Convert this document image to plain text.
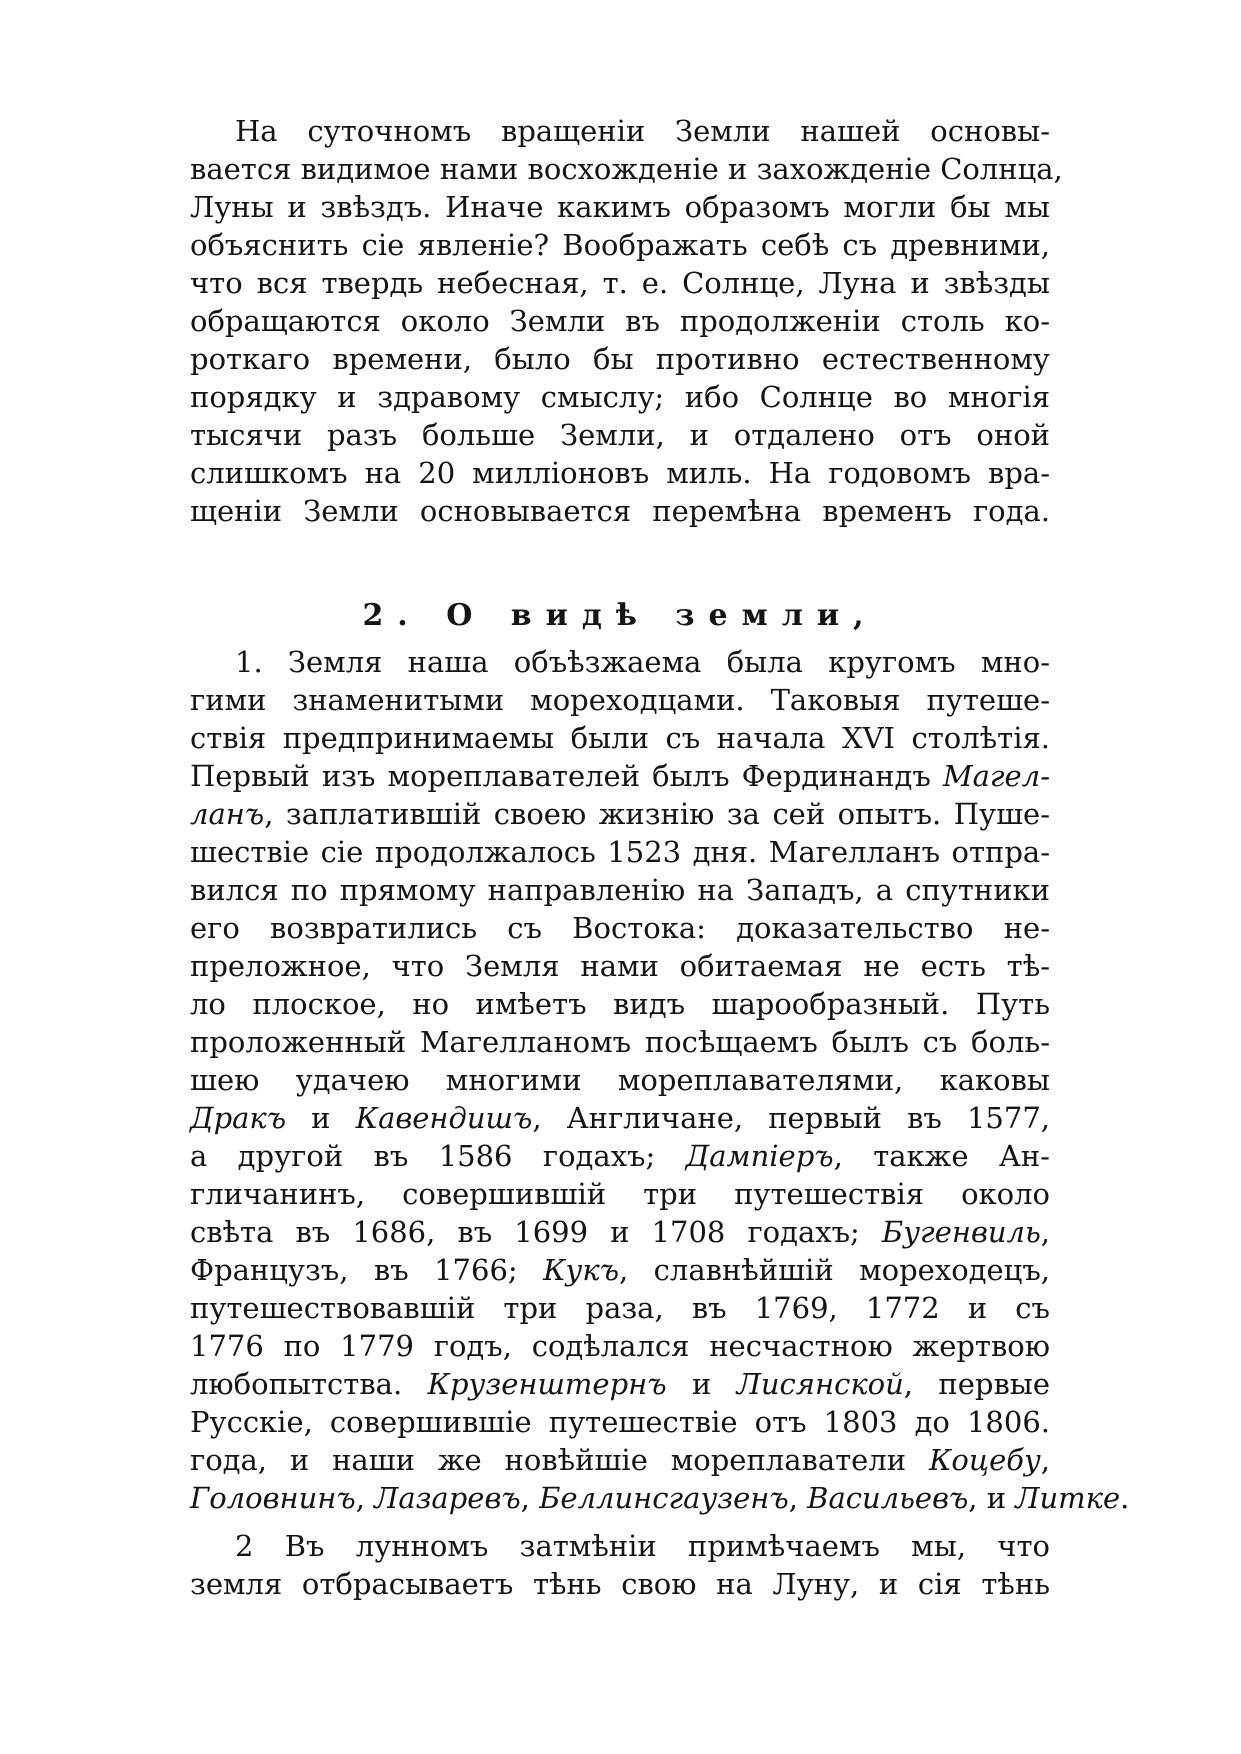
На суточномъ вращеніи Земли нашей основы-
вается видимое нами восхожденіе и захожденіе Солнца,
Луны и звѣздъ. Иначе какимъ образомъ могли бы мы
объяснить сіе явленіе? Воображать себѣ съ древними,
что вся твердь небесная, т. е. Солнце, Луна и звѣзды
обращаются около Земли въ продолженіи столь ко-
роткаго времени, было бы противно естественному
порядку и здравому смыслу; ибо Солнце во многія
тысячи разъ больше Земли, и отдалено отъ оной
слишкомъ на 20 милліоновъ миль. На годовомъ вра-
щеніи Земли основывается перемѣна временъ года.
2. О видѣ земли,
1. Земля наша объѣзжаема была кругомъ мно-
гими знаменитыми мореходцами. Таковыя путеше-
ствія предпринимаемы были съ начала XVI столѣтія.
Первый изъ мореплавателей былъ Фердинандъ Магел-
ланъ, заплатившій своею жизнію за сей опытъ. Пуше-
шествіе сіе продолжалось 1523 дня. Магелланъ отпра-
вился по прямому направленію на Западъ, а спутники
его возвратились съ Востока: доказательство не-
преложное, что Земля нами обитаемая не есть тѣ-
ло плоское, но имѣетъ видъ шарообразный. Путь
проложенный Магелланомъ посѣщаемъ былъ съ боль-
шею удачею многими мореплавателями, каковы
Дракъ и Кавендишъ, Англичане, первый въ 1577,
а другой въ 1586 годахъ; Дампіеръ, также Ан-
гличанинъ, совершившій три путешествія около
свѣта въ 1686, въ 1699 и 1708 годахъ; Бугенвиль,
Французъ, въ 1766; Кукъ, славнѣйшій мореходецъ,
путешествовавшій три раза, въ 1769, 1772 и съ
1776 по 1779 годъ, содѣлался несчастною жертвою
любопытства. Крузенштернъ и Лисянской, первые
Русскіе, совершившіе путешествіе отъ 1803 до 1806.
года, и наши же новѣйшіе мореплаватели Коцебу,
Головнинъ, Лазаревъ, Беллинсгаузенъ, Васильевъ, и Литке.
2 Въ лунномъ затмѣніи примѣчаемъ мы, что
земля отбрасываетъ тѣнь свою на Луну, и сія тѣнь
